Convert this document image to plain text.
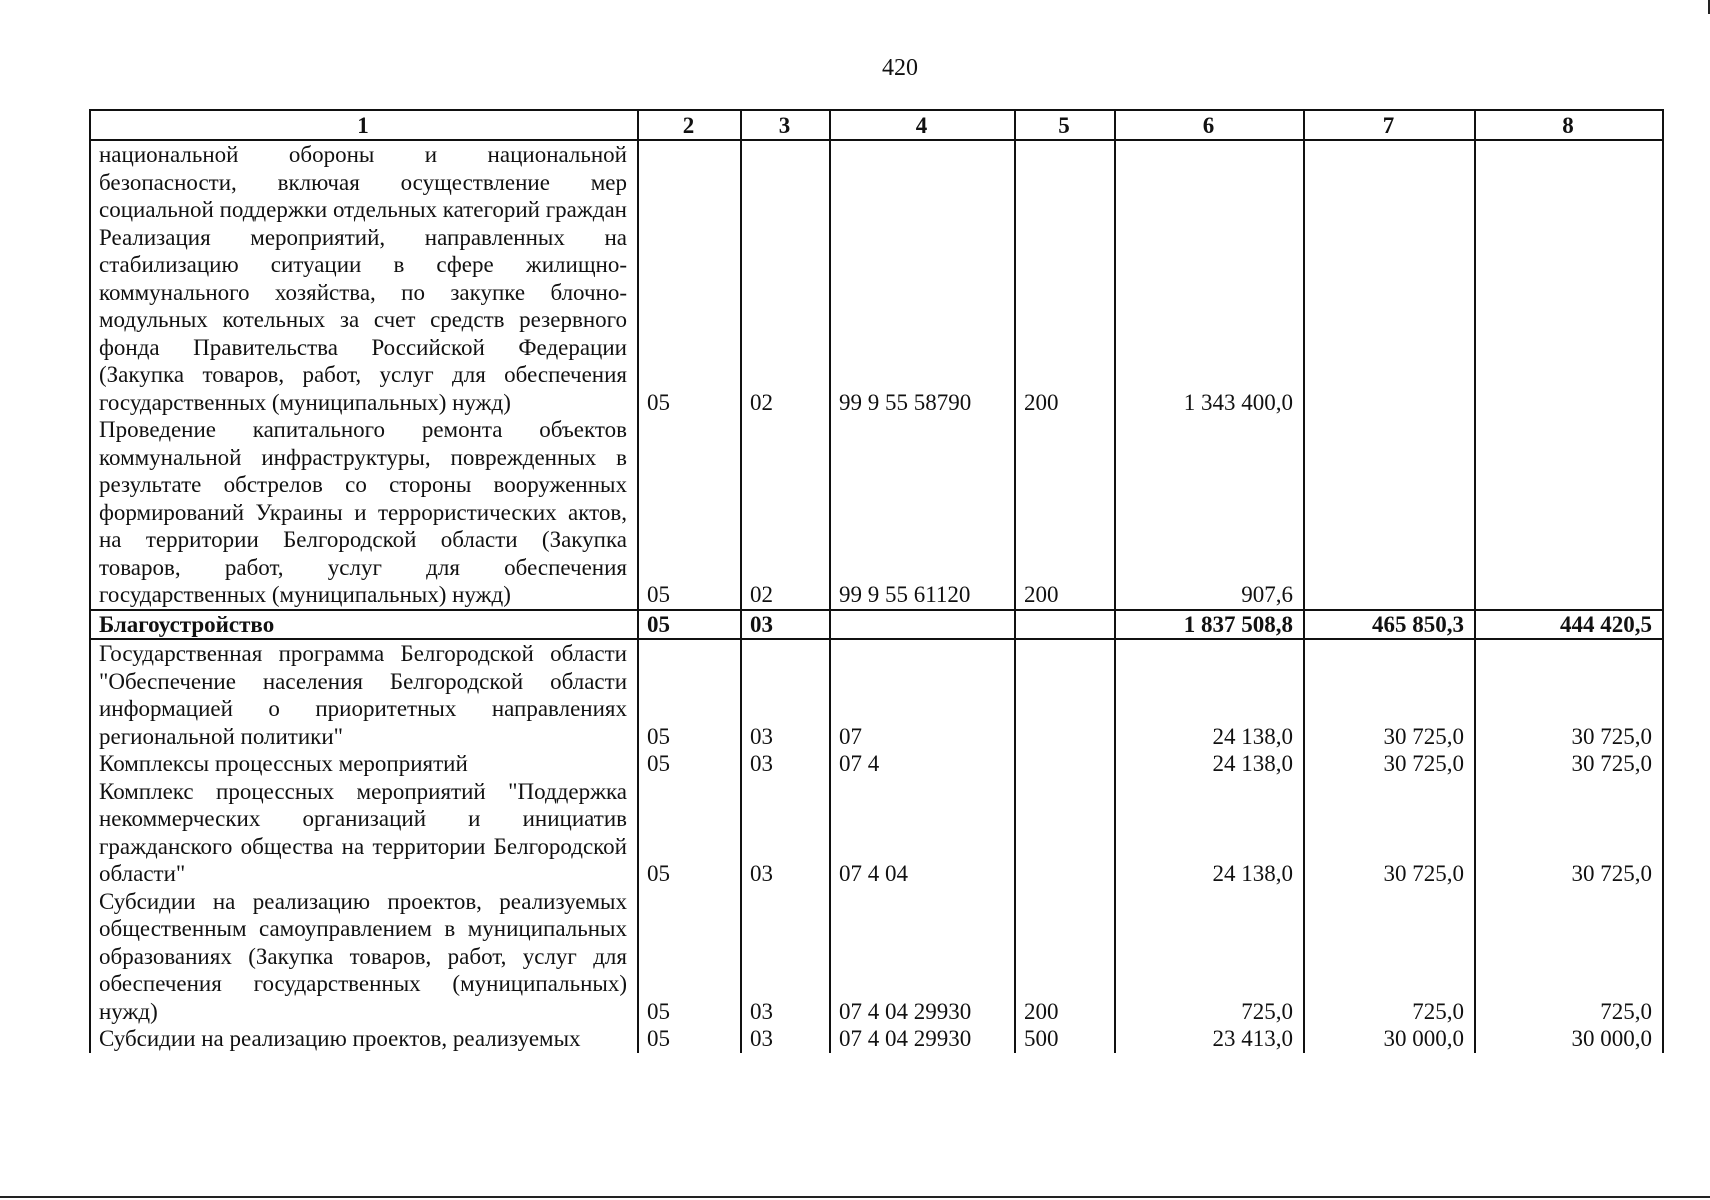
420
1	2	3	4	5	6	7	8
национальной обороны и национальной безопасности, включая осуществление мер социальной поддержки отдельных категорий граждан							
Реализация мероприятий, направленных на стабилизацию ситуации в сфере жилищно-коммунального хозяйства, по закупке блочно-модульных котельных за счет средств резервного фонда Правительства Российской Федерации (Закупка товаров, работ, услуг для обеспечения государственных (муниципальных) нужд)	05	02	99 9 55 58790	200	1 343 400,0		
Проведение капитального ремонта объектов коммунальной инфраструктуры, поврежденных в результате обстрелов со стороны вооруженных формирований Украины и террористических актов, на территории Белгородской области (Закупка товаров, работ, услуг для обеспечения государственных (муниципальных) нужд)	05	02	99 9 55 61120	200	907,6		
Благоустройство	05	03			1 837 508,8	465 850,3	444 420,5
Государственная программа Белгородской области "Обеспечение населения Белгородской области информацией о приоритетных направлениях региональной политики"	05	03	07		24 138,0	30 725,0	30 725,0
Комплексы процессных мероприятий	05	03	07 4		24 138,0	30 725,0	30 725,0
Комплекс процессных мероприятий "Поддержка некоммерческих организаций и инициатив гражданского общества на территории Белгородской области"	05	03	07 4 04		24 138,0	30 725,0	30 725,0
Субсидии на реализацию проектов, реализуемых общественным самоуправлением в муниципальных образованиях (Закупка товаров, работ, услуг для обеспечения государственных (муниципальных) нужд)	05	03	07 4 04 29930	200	725,0	725,0	725,0
Субсидии на реализацию проектов, реализуемых	05	03	07 4 04 29930	500	23 413,0	30 000,0	30 000,0
